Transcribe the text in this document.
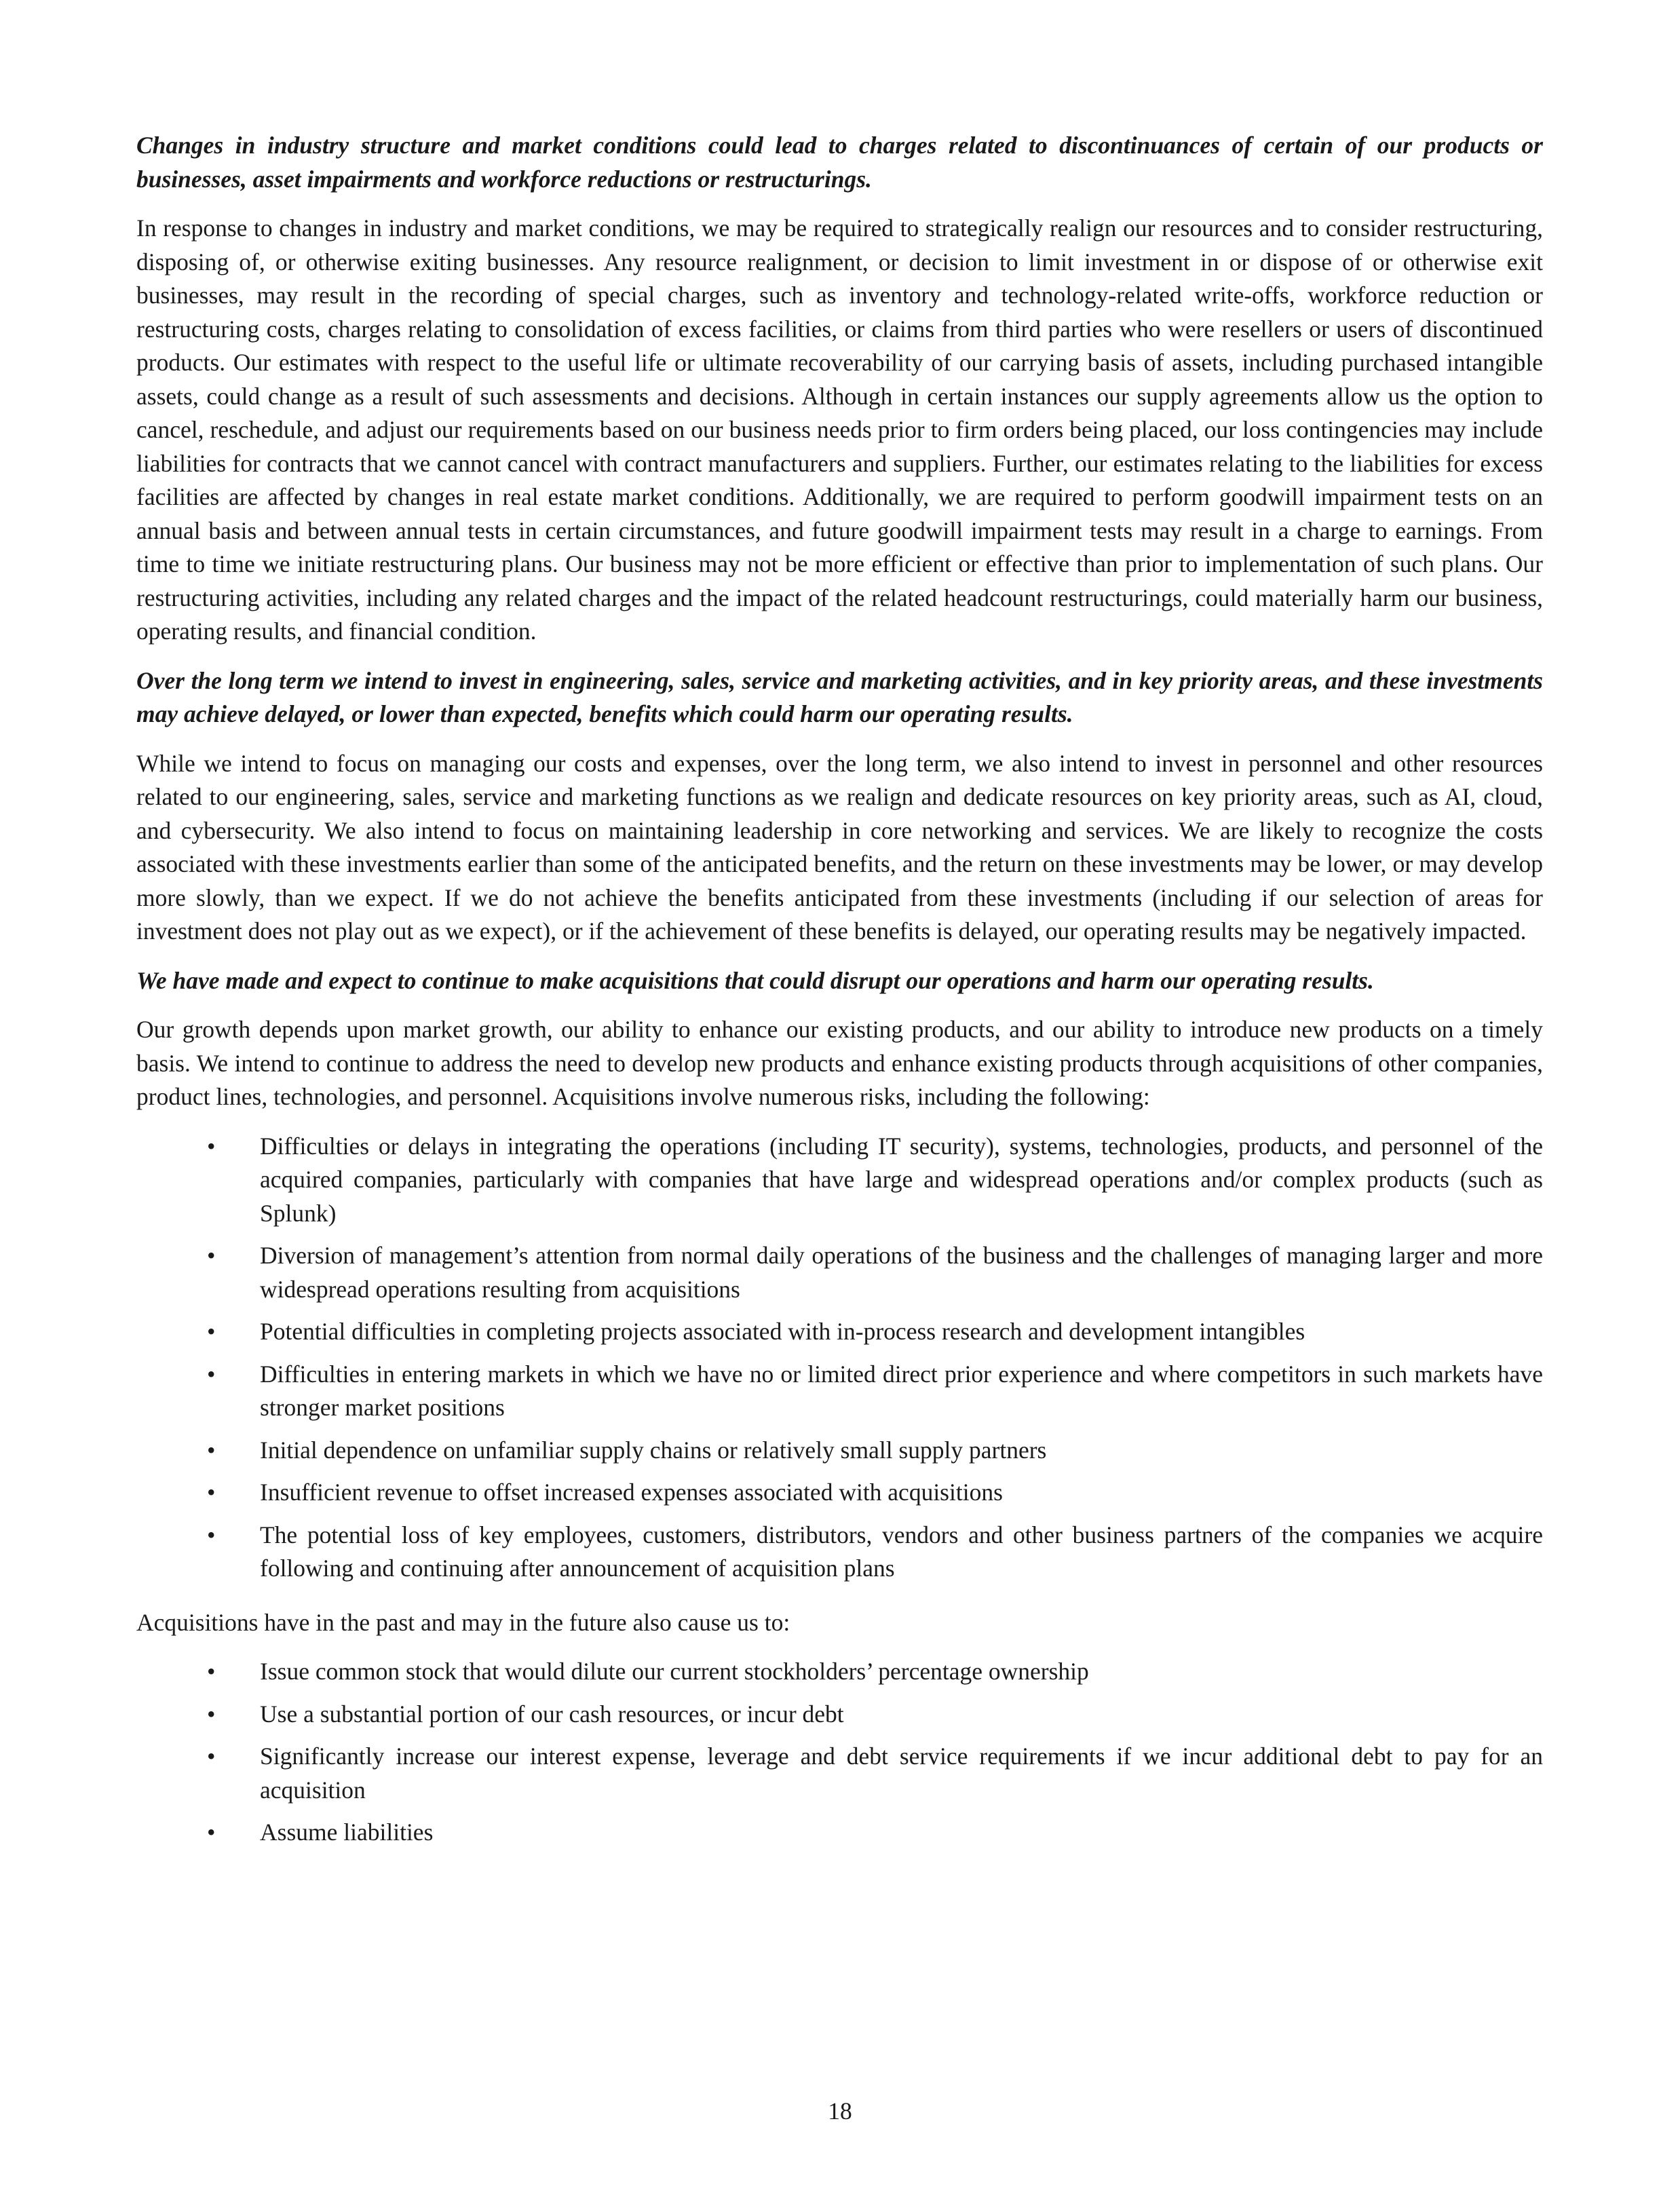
Changes in industry structure and market conditions could lead to charges related to discontinuances of certain of our products or businesses, asset impairments and workforce reductions or restructurings.

In response to changes in industry and market conditions, we may be required to strategically realign our resources and to consider restructuring, disposing of, or otherwise exiting businesses. Any resource realignment, or decision to limit investment in or dispose of or otherwise exit businesses, may result in the recording of special charges, such as inventory and technology-related write-offs, workforce reduction or restructuring costs, charges relating to consolidation of excess facilities, or claims from third parties who were resellers or users of discontinued products. Our estimates with respect to the useful life or ultimate recoverability of our carrying basis of assets, including purchased intangible assets, could change as a result of such assessments and decisions. Although in certain instances our supply agreements allow us the option to cancel, reschedule, and adjust our requirements based on our business needs prior to firm orders being placed, our loss contingencies may include liabilities for contracts that we cannot cancel with contract manufacturers and suppliers. Further, our estimates relating to the liabilities for excess facilities are affected by changes in real estate market conditions. Additionally, we are required to perform goodwill impairment tests on an annual basis and between annual tests in certain circumstances, and future goodwill impairment tests may result in a charge to earnings. From time to time we initiate restructuring plans. Our business may not be more efficient or effective than prior to implementation of such plans. Our restructuring activities, including any related charges and the impact of the related headcount restructurings, could materially harm our business, operating results, and financial condition.

Over the long term we intend to invest in engineering, sales, service and marketing activities, and in key priority areas, and these investments may achieve delayed, or lower than expected, benefits which could harm our operating results.

While we intend to focus on managing our costs and expenses, over the long term, we also intend to invest in personnel and other resources related to our engineering, sales, service and marketing functions as we realign and dedicate resources on key priority areas, such as AI, cloud, and cybersecurity. We also intend to focus on maintaining leadership in core networking and services. We are likely to recognize the costs associated with these investments earlier than some of the anticipated benefits, and the return on these investments may be lower, or may develop more slowly, than we expect. If we do not achieve the benefits anticipated from these investments (including if our selection of areas for investment does not play out as we expect), or if the achievement of these benefits is delayed, our operating results may be negatively impacted.

We have made and expect to continue to make acquisitions that could disrupt our operations and harm our operating results.

Our growth depends upon market growth, our ability to enhance our existing products, and our ability to introduce new products on a timely basis. We intend to continue to address the need to develop new products and enhance existing products through acquisitions of other companies, product lines, technologies, and personnel. Acquisitions involve numerous risks, including the following:

• Difficulties or delays in integrating the operations (including IT security), systems, technologies, products, and personnel of the acquired companies, particularly with companies that have large and widespread operations and/or complex products (such as Splunk)
• Diversion of management’s attention from normal daily operations of the business and the challenges of managing larger and more widespread operations resulting from acquisitions
• Potential difficulties in completing projects associated with in-process research and development intangibles
• Difficulties in entering markets in which we have no or limited direct prior experience and where competitors in such markets have stronger market positions
• Initial dependence on unfamiliar supply chains or relatively small supply partners
• Insufficient revenue to offset increased expenses associated with acquisitions
• The potential loss of key employees, customers, distributors, vendors and other business partners of the companies we acquire following and continuing after announcement of acquisition plans

Acquisitions have in the past and may in the future also cause us to:

• Issue common stock that would dilute our current stockholders’ percentage ownership
• Use a substantial portion of our cash resources, or incur debt
• Significantly increase our interest expense, leverage and debt service requirements if we incur additional debt to pay for an acquisition
• Assume liabilities
18
